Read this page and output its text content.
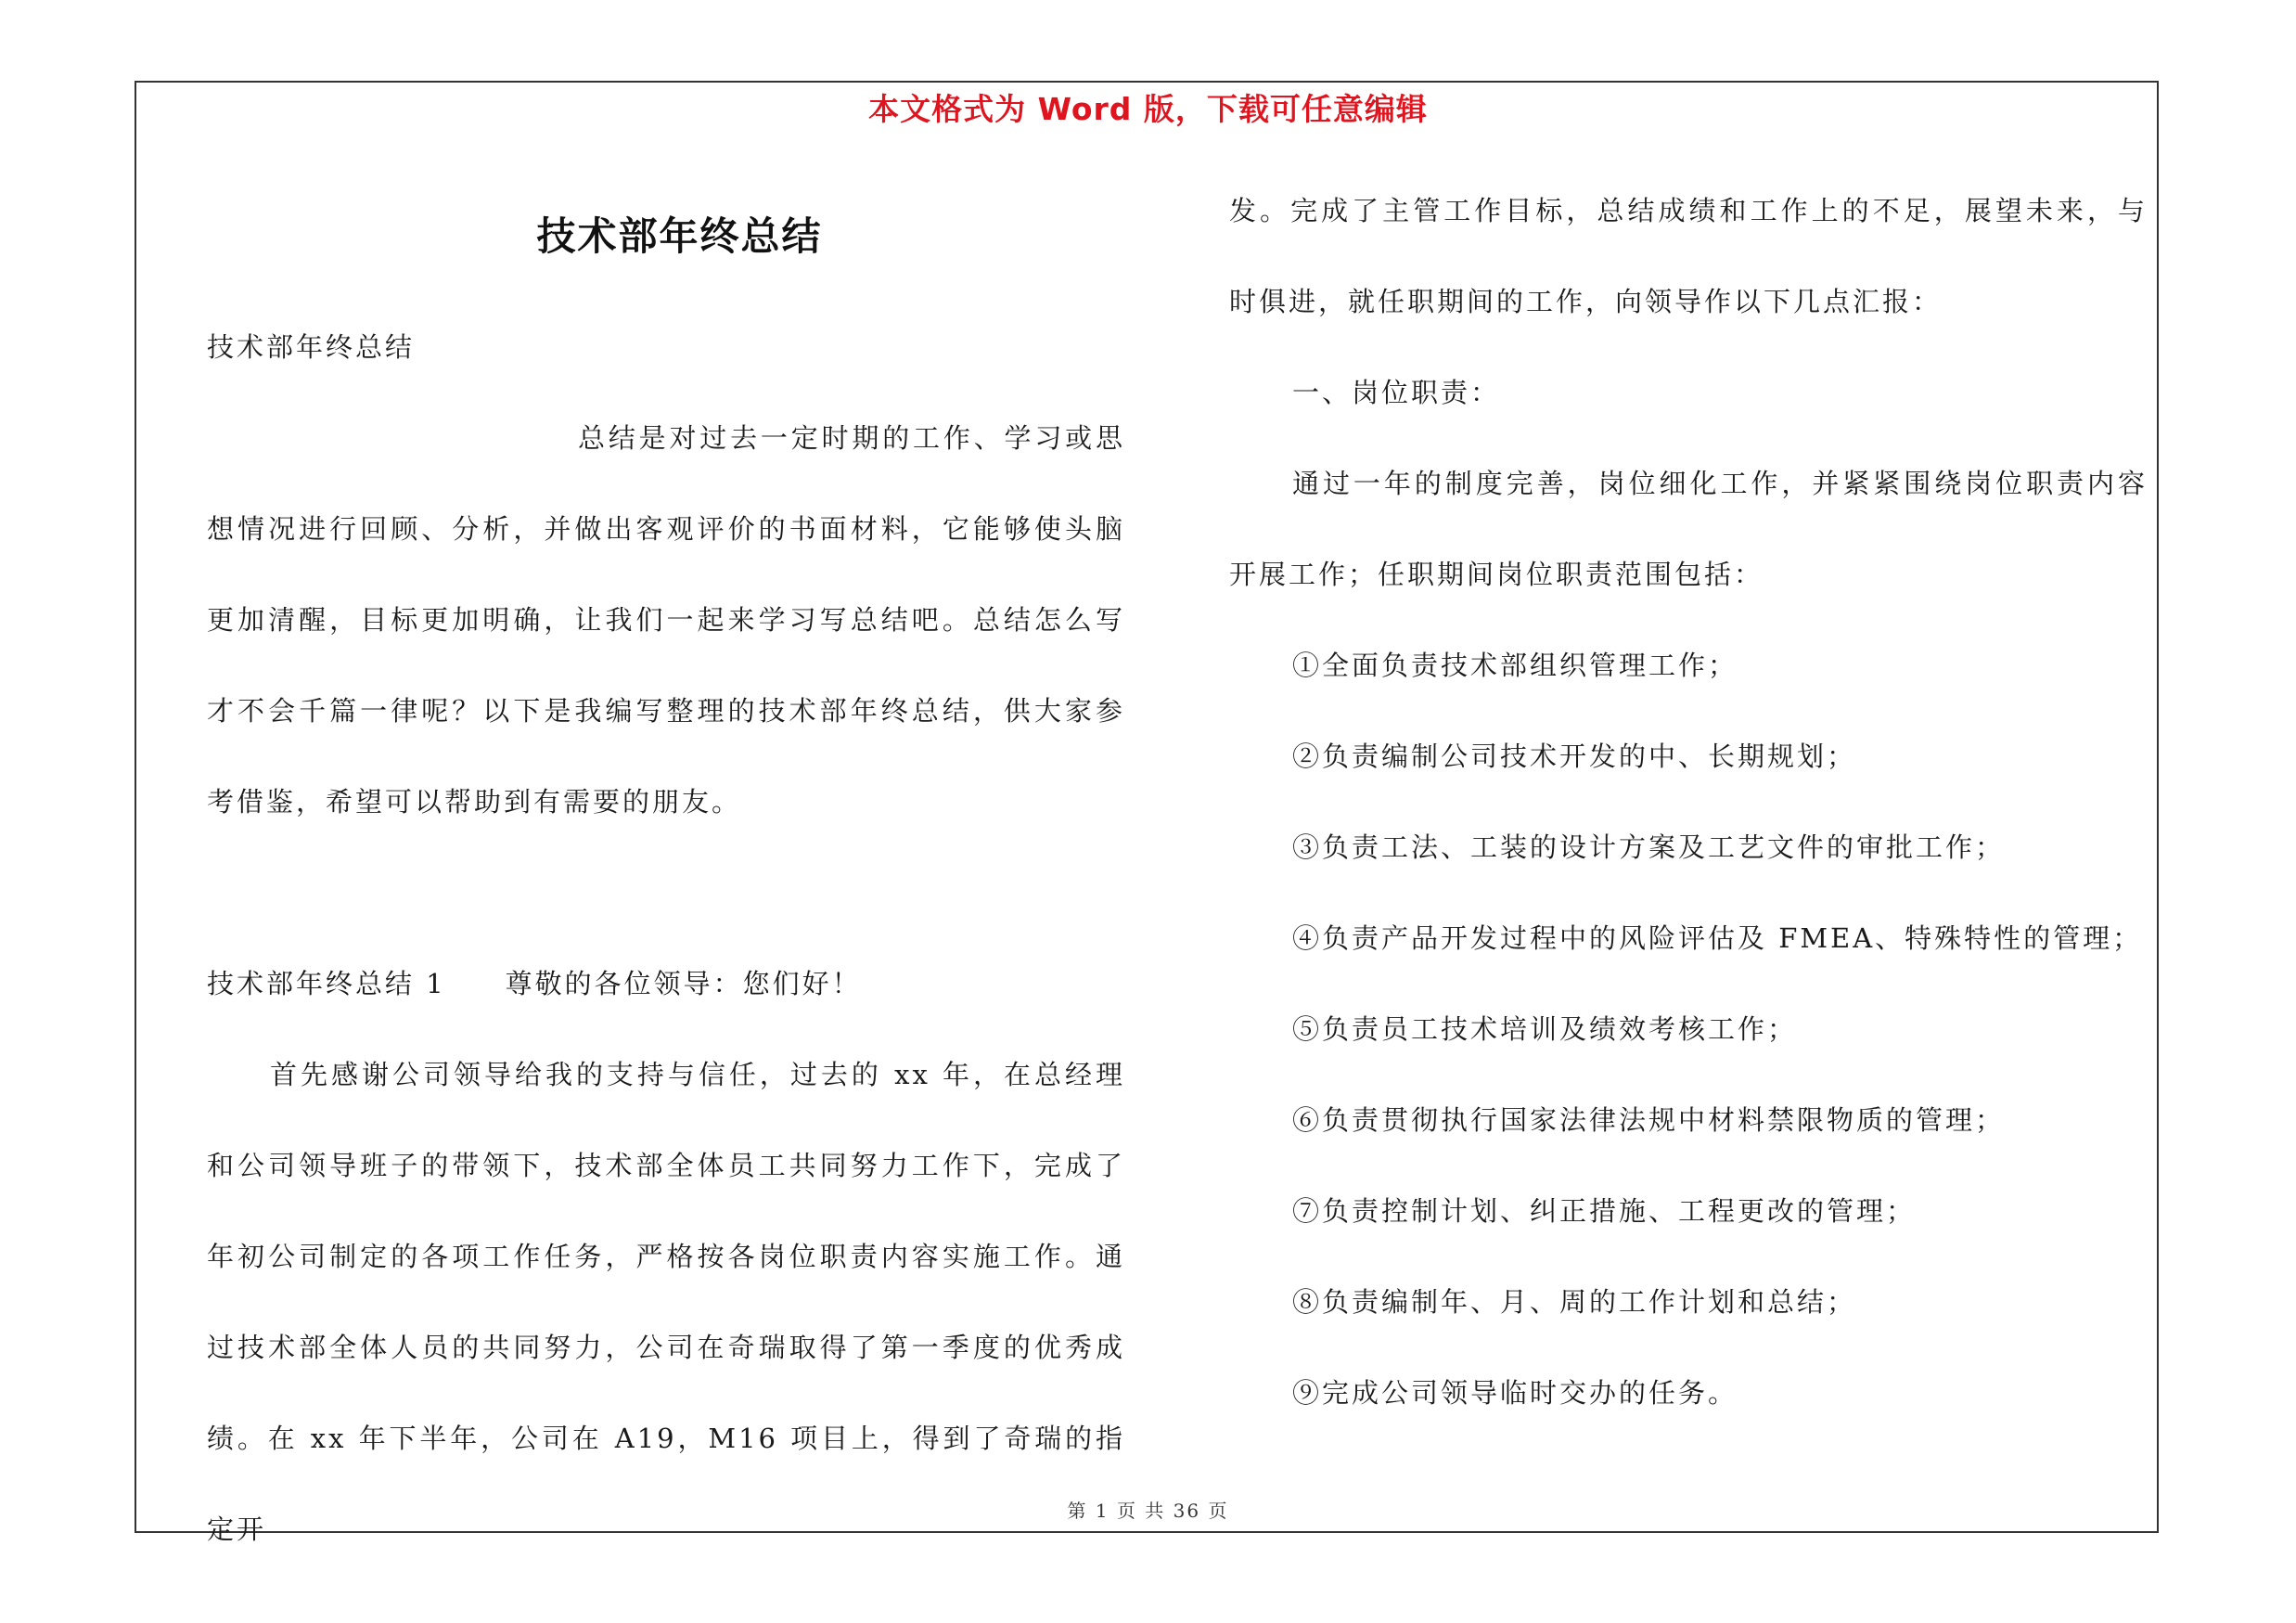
本文格式为 Word 版，下载可任意编辑
技术部年终总结

技术部年终总结

总结是对过去一定时期的工作、学习或思想情况进行回顾、分析，并做出客观评价的书面材料，它能够使头脑更加清醒，目标更加明确，让我们一起来学习写总结吧。总结怎么写才不会千篇一律呢？以下是我编写整理的技术部年终总结，供大家参考借鉴，希望可以帮助到有需要的朋友。

技术部年终总结 1　　尊敬的各位领导：您们好！

首先感谢公司领导给我的支持与信任，过去的 xx 年，在总经理和公司领导班子的带领下，技术部全体员工共同努力工作下，完成了年初公司制定的各项工作任务，严格按各岗位职责内容实施工作。通过技术部全体人员的共同努力，公司在奇瑞取得了第一季度的优秀成绩。在 xx 年下半年，公司在 A19，M16 项目上，得到了奇瑞的指定开

发。完成了主管工作目标，总结成绩和工作上的不足，展望未来，与时俱进，就任职期间的工作，向领导作以下几点汇报：

一、岗位职责：

通过一年的制度完善，岗位细化工作，并紧紧围绕岗位职责内容开展工作；任职期间岗位职责范围包括：

①全面负责技术部组织管理工作；

②负责编制公司技术开发的中、长期规划；

③负责工法、工装的设计方案及工艺文件的审批工作；

④负责产品开发过程中的风险评估及 FMEA、特殊特性的管理；

⑤负责员工技术培训及绩效考核工作；

⑥负责贯彻执行国家法律法规中材料禁限物质的管理；

⑦负责控制计划、纠正措施、工程更改的管理；

⑧负责编制年、月、周的工作计划和总结；

⑨完成公司领导临时交办的任务。

第 1 页 共 36 页
